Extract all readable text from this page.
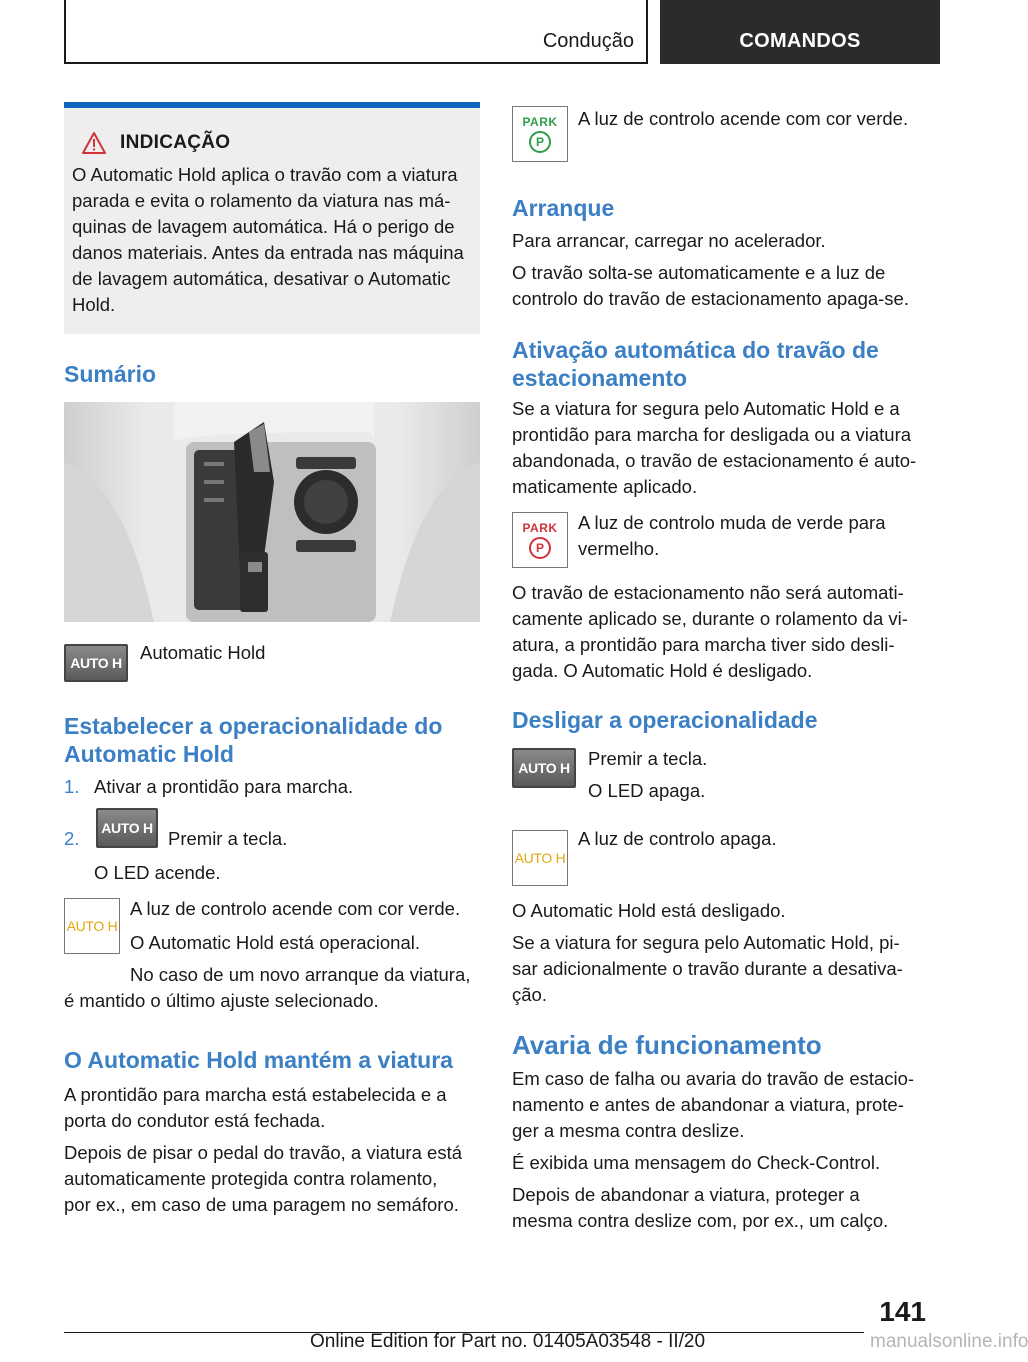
Condução	COMANDOS
INDICAÇÃO
O Automatic Hold aplica o travão com a viatura
parada e evita o rolamento da viatura nas má‐
quinas de lavagem automática. Há o perigo de
danos materiais. Antes da entrada nas máquina
de lavagem automática, desativar o Automatic
Hold.
Sumário
AUTO H Automatic Hold
Estabelecer a operacionalidade do
Automatic Hold
1. Ativar a prontidão para marcha.
2.	AUTO H Premir a tecla.
O LED acende.
AUTO H
A luz de controlo acende com cor verde.
O Automatic Hold está operacional.
No caso de um novo arranque da viatura,
é mantido o último ajuste selecionado.
O Automatic Hold mantém a viatura
A prontidão para marcha está estabelecida e a
porta do condutor está fechada.
Depois de pisar o pedal do travão, a viatura está
automaticamente protegida contra rolamento,
por ex., em caso de uma paragem no semáforo.
PARK
P
A luz de controlo acende com cor verde.
Arranque
Para arrancar, carregar no acelerador.
O travão solta-se automaticamente e a luz de
controlo do travão de estacionamento apaga-se.
Ativação automática do travão de
estacionamento
Se a viatura for segura pelo Automatic Hold e a
prontidão para marcha for desligada ou a viatura
abandonada, o travão de estacionamento é auto‐
maticamente aplicado.
PARK
P
A luz de controlo muda de verde para
vermelho.
O travão de estacionamento não será automati‐
camente aplicado se, durante o rolamento da vi‐
atura, a prontidão para marcha tiver sido desli‐
gada. O Automatic Hold é desligado.
Desligar a operacionalidade
AUTO H Premir a tecla.
O LED apaga.
AUTO H
A luz de controlo apaga.
O Automatic Hold está desligado.
Se a viatura for segura pelo Automatic Hold, pi‐
sar adicionalmente o travão durante a desativa‐
ção.
Avaria de funcionamento
Em caso de falha ou avaria do travão de estacio‐
namento e antes de abandonar a viatura, prote‐
ger a mesma contra deslize.
É exibida uma mensagem do Check-Control.
Depois de abandonar a viatura, proteger a
mesma contra deslize com, por ex., um calço.
141
Online Edition for Part no. 01405A03548 - II/20	manualsonline.info
